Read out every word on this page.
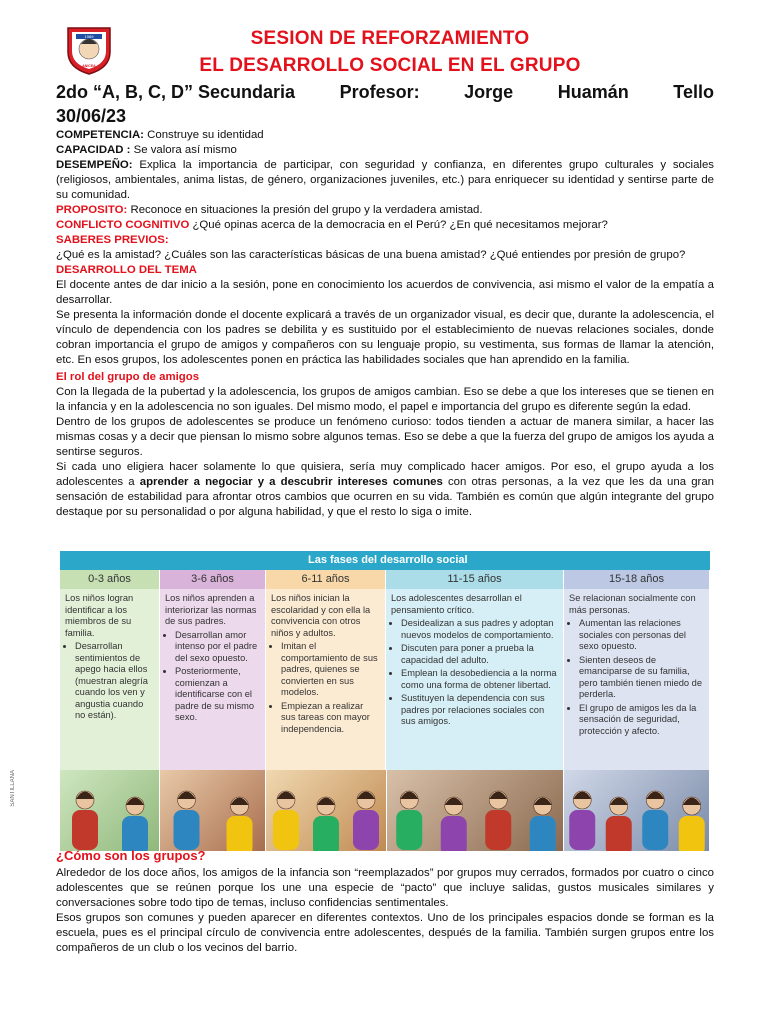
1989
ANICEA
SESION DE REFORZAMIENTO
EL DESARROLLO SOCIAL EN EL GRUPO
2do “A, B, C, D” Secundaria Profesor: Jorge Huamán Tello
30/06/23

COMPETENCIA: Construye su identidad

CAPACIDAD : Se valora así mismo

DESEMPEÑO: Explica la importancia de participar, con seguridad y confianza, en diferentes grupo culturales y sociales (religiosos, ambientales, anima listas, de género, organizaciones juveniles, etc.) para enriquecer su identidad y sentirse parte de su comunidad.

PROPOSITO: Reconoce en situaciones la presión del grupo y la verdadera amistad.

CONFLICTO COGNITIVO ¿Qué opinas acerca de la democracia en el Perú? ¿En qué necesitamos mejorar?

SABERES PREVIOS:

¿Qué es la amistad? ¿Cuáles son las características básicas de una buena amistad? ¿Qué entiendes por presión de grupo?

DESARROLLO DEL TEMA

El docente antes de dar inicio a la sesión, pone en conocimiento los acuerdos de convivencia, asi mismo el valor de la empatía a desarrollar.

Se presenta la información donde el docente explicará a través de un organizador visual, es decir que, durante la adolescencia, el vínculo de dependencia con los padres se debilita y es sustituido por el establecimiento de nuevas relaciones sociales, donde cobran importancia el grupo de amigos y compañeros con su lenguaje propio, su vestimenta, sus formas de llamar la atención, etc. En esos grupos, los adolescentes ponen en práctica las habilidades sociales que han aprendido en la familia.

El rol del grupo de amigos

Con la llegada de la pubertad y la adolescencia, los grupos de amigos cambian. Eso se debe a que los intereses que se tienen en la infancia y en la adolescencia no son iguales. Del mismo modo, el papel e importancia del grupo es diferente según la edad.

Dentro de los grupos de adolescentes se produce un fenómeno curioso: todos tienden a actuar de manera similar, a hacer las mismas cosas y a decir que piensan lo mismo sobre algunos temas. Eso se debe a que la fuerza del grupo de amigos los ayuda a sentirse seguros.

Si cada uno eligiera hacer solamente lo que quisiera, sería muy complicado hacer amigos. Por eso, el grupo ayuda a los adolescentes a aprender a negociar y a descubrir intereses comunes con otras personas, a la vez que les da una gran sensación de estabilidad para afrontar otros cambios que ocurren en su vida. También es común que algún integrante del grupo destaque por su personalidad o por alguna habilidad, y que el resto lo siga o imite.

SANTILLANA
Las fases del desarrollo social
0-3 años
Los niños logran identificar a los miembros de su familia.
• Desarrollan sentimientos de apego hacia ellos (muestran alegría cuando los ven y angustia cuando no están).
3-6 años
Los niños aprenden a interiorizar las normas de sus padres.
• Desarrollan amor intenso por el padre del sexo opuesto.
• Posteriormente, comienzan a identificarse con el padre de su mismo sexo.
6-11 años
Los niños inician la escolaridad y con ella la convivencia con otros niños y adultos.
• Imitan el comportamiento de sus padres, quienes se convierten en sus modelos.
• Empiezan a realizar sus tareas con mayor independencia.
11-15 años
Los adolescentes desarrollan el pensamiento crítico.
• Desidealizan a sus padres y adoptan nuevos modelos de comportamiento.
• Discuten para poner a prueba la capacidad del adulto.
• Emplean la desobediencia a la norma como una forma de obtener libertad.
• Sustituyen la dependencia con sus padres por relaciones sociales con sus amigos.
15-18 años
Se relacionan socialmente con más personas.
• Aumentan las relaciones sociales con personas del sexo opuesto.
• Sienten deseos de emanciparse de su familia, pero también tienen miedo de perderla.
• El grupo de amigos les da la sensación de seguridad, protección y afecto.
¿Cómo son los grupos?

Alrededor de los doce años, los amigos de la infancia son “reemplazados” por grupos muy cerrados, formados por cuatro o cinco adolescentes que se reúnen porque los une una especie de “pacto” que incluye salidas, gustos musicales similares y conversaciones sobre todo tipo de temas, incluso confidencias sentimentales.

Esos grupos son comunes y pueden aparecer en diferentes contextos. Uno de los principales espacios donde se forman es la escuela, pues es el principal círculo de convivencia entre adolescentes, después de la familia. También surgen grupos entre los compañeros de un club o los vecinos del barrio.
